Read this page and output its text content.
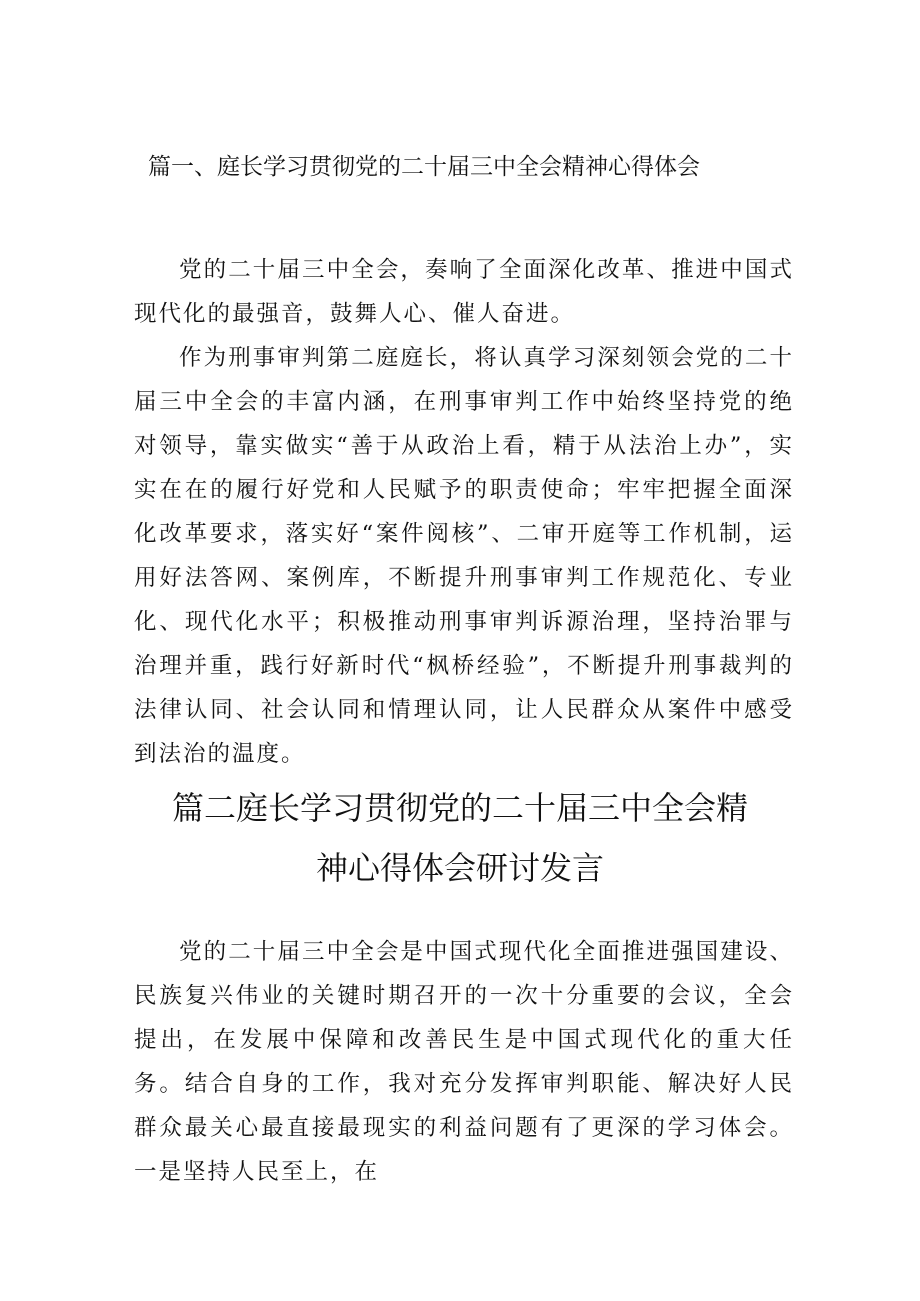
篇一、庭长学习贯彻党的二十届三中全会精神心得体会

党的二十届三中全会，奏响了全面深化改革、推进中国式现代化的最强音，鼓舞人心、催人奋进。

作为刑事审判第二庭庭长，将认真学习深刻领会党的二十届三中全会的丰富内涵，在刑事审判工作中始终坚持党的绝对领导，靠实做实“善于从政治上看，精于从法治上办”，实实在在的履行好党和人民赋予的职责使命；牢牢把握全面深化改革要求，落实好“案件阅核”、二审开庭等工作机制，运用好法答网、案例库，不断提升刑事审判工作规范化、专业化、现代化水平；积极推动刑事审判诉源治理，坚持治罪与治理并重，践行好新时代“枫桥经验”，不断提升刑事裁判的法律认同、社会认同和情理认同，让人民群众从案件中感受到法治的温度。

篇二庭长学习贯彻党的二十届三中全会精
神心得体会研讨发言

党的二十届三中全会是中国式现代化全面推进强国建设、民族复兴伟业的关键时期召开的一次十分重要的会议，全会提出，在发展中保障和改善民生是中国式现代化的重大任务。结合自身的工作，我对充分发挥审判职能、解决好人民群众最关心最直接最现实的利益问题有了更深的学习体会。一是坚持人民至上，在
